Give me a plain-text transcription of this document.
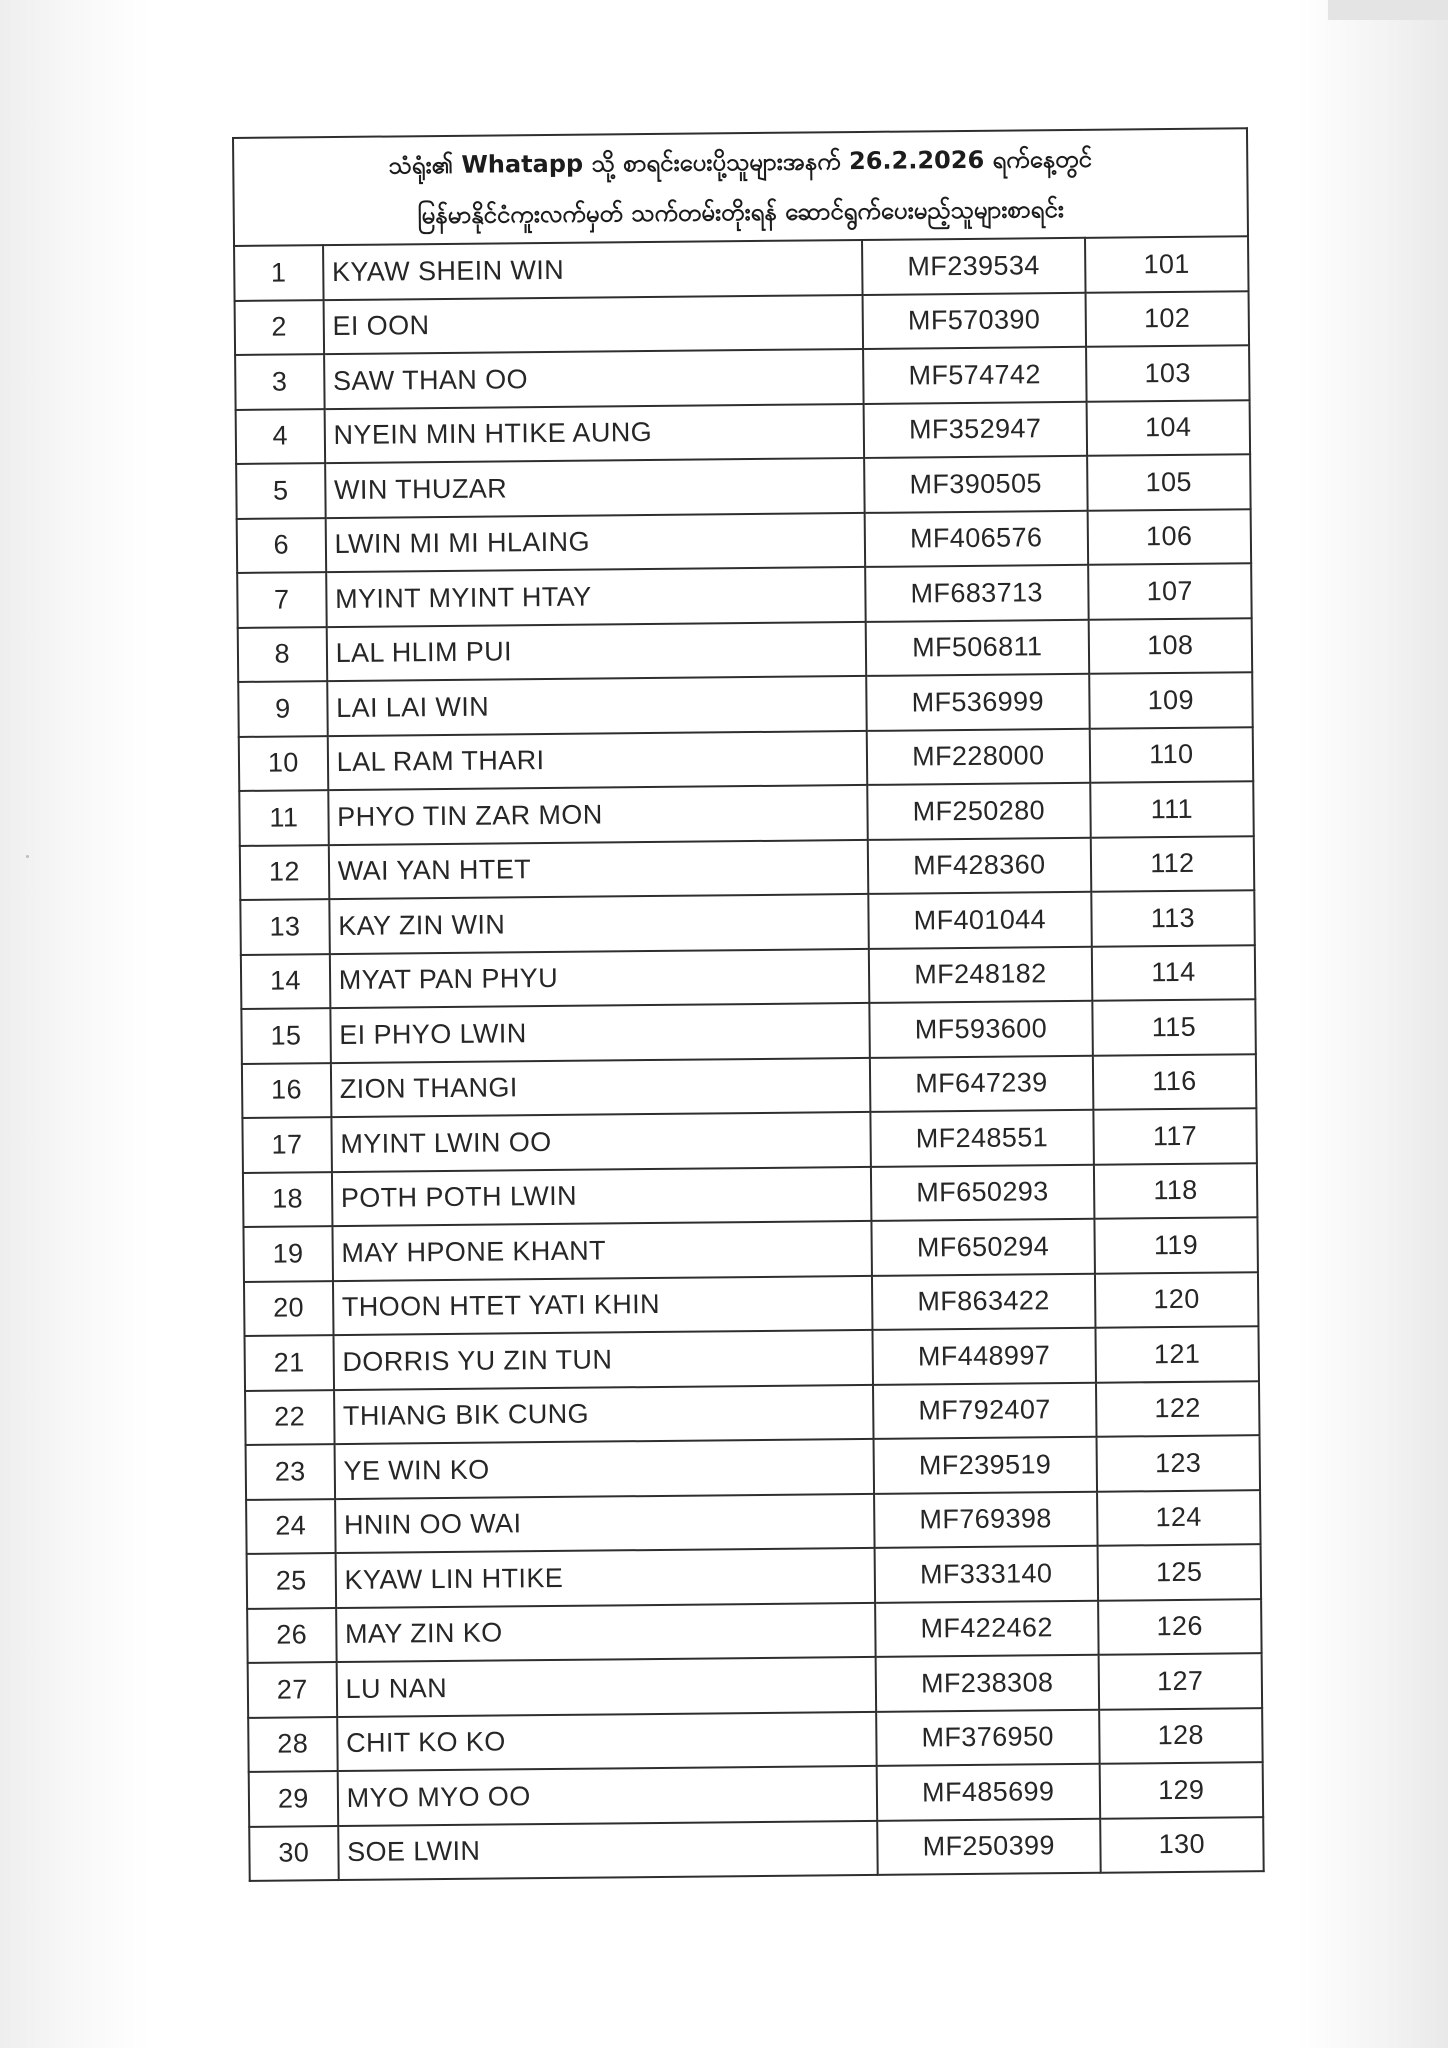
သံရုံး၏ Whatapp သို့ စာရင်းပေးပို့သူများအနက် 26.2.2026 ရက်နေ့တွင်
မြန်မာနိုင်ငံကူးလက်မှတ် သက်တမ်းတိုးရန် ဆောင်ရွက်ပေးမည့်သူများစာရင်း			

1	KYAW SHEIN WIN	MF239534	101
2	EI OON	MF570390	102
3	SAW THAN OO	MF574742	103
4	NYEIN MIN HTIKE AUNG	MF352947	104
5	WIN THUZAR	MF390505	105
6	LWIN MI MI HLAING	MF406576	106
7	MYINT MYINT HTAY	MF683713	107
8	LAL HLIM PUI	MF506811	108
9	LAI LAI WIN	MF536999	109
10	LAL RAM THARI	MF228000	110
11	PHYO TIN ZAR MON	MF250280	111
12	WAI YAN HTET	MF428360	112
13	KAY ZIN WIN	MF401044	113
14	MYAT PAN PHYU	MF248182	114
15	EI PHYO LWIN	MF593600	115
16	ZION THANGI	MF647239	116
17	MYINT LWIN OO	MF248551	117
18	POTH POTH LWIN	MF650293	118
19	MAY HPONE KHANT	MF650294	119
20	THOON HTET YATI KHIN	MF863422	120
21	DORRIS YU ZIN TUN	MF448997	121
22	THIANG BIK CUNG	MF792407	122
23	YE WIN KO	MF239519	123
24	HNIN OO WAI	MF769398	124
25	KYAW LIN HTIKE	MF333140	125
26	MAY ZIN KO	MF422462	126
27	LU NAN	MF238308	127
28	CHIT KO KO	MF376950	128
29	MYO MYO OO	MF485699	129
30	SOE LWIN	MF250399	130
